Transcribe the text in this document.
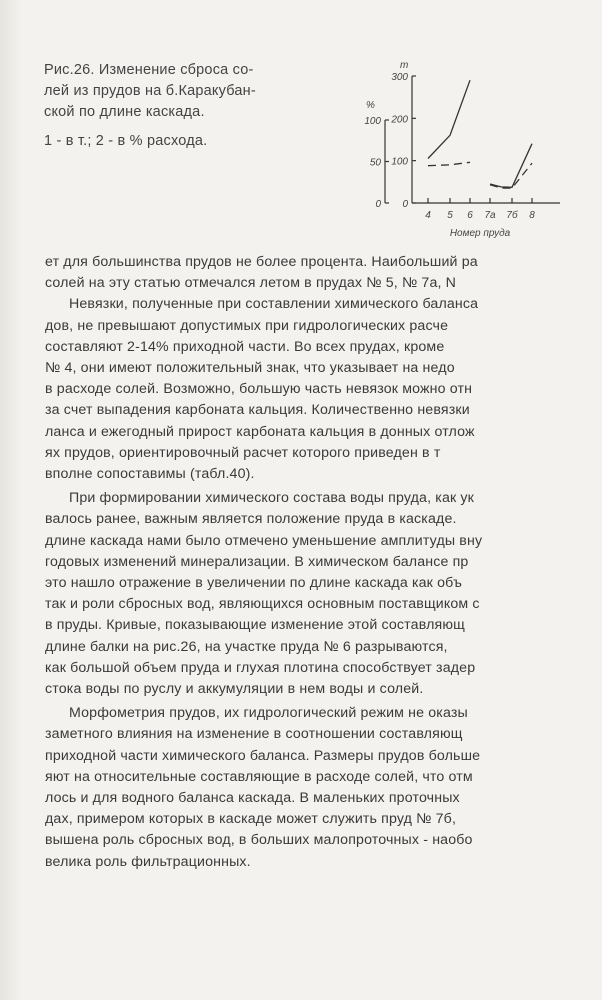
Рис.26. Изменение сброса со-
лей из прудов на б.Каракубан-
ской по длине каскада.
1 - в т.; 2 - в % расхода.
0
50
100
%
0
100
200
300
т
4 5 6 7а 7б 8
Номер пруда
ет для большинства прудов не более процента. Наибольший ра
солей на эту статью отмечался летом в прудах № 5, № 7а, N
Невязки, полученные при составлении химического баланса
дов, не превышают допустимых при гидрологических расче
составляют 2-14% приходной части. Во всех прудах, кроме
№ 4, они имеют положительный знак, что указывает на недо
в расходе солей. Возможно, большую часть невязок можно отн
за счет выпадения карбоната кальция. Количественно невязки
ланса и ежегодный прирост карбоната кальция в донных отлож
ях прудов, ориентировочный расчет которого приведен в т
вполне сопоставимы (табл.40).
При формировании химического состава воды пруда, как ук
валось ранее, важным является положение пруда в каскаде.
длине каскада нами было отмечено уменьшение амплитуды вну
годовых изменений минерализации. В химическом балансе пр
это нашло отражение в увеличении по длине каскада как объ
так и роли сбросных вод, являющихся основным поставщиком с
в пруды. Кривые, показывающие изменение этой составляющ
длине балки на рис.26, на участке пруда № 6 разрываются,
как большой объем пруда и глухая плотина способствует задер
стока воды по руслу и аккумуляции в нем воды и солей.
Морфометрия прудов, их гидрологический режим не оказы
заметного влияния на изменение в соотношении составляющ
приходной части химического баланса. Размеры прудов больше
яют на относительные составляющие в расходе солей, что отм
лось и для водного баланса каскада. В маленьких проточных
дах, примером которых в каскаде может служить пруд № 7б,
вышена роль сбросных вод, в больших малопроточных - наобо
велика роль фильтрационных.
